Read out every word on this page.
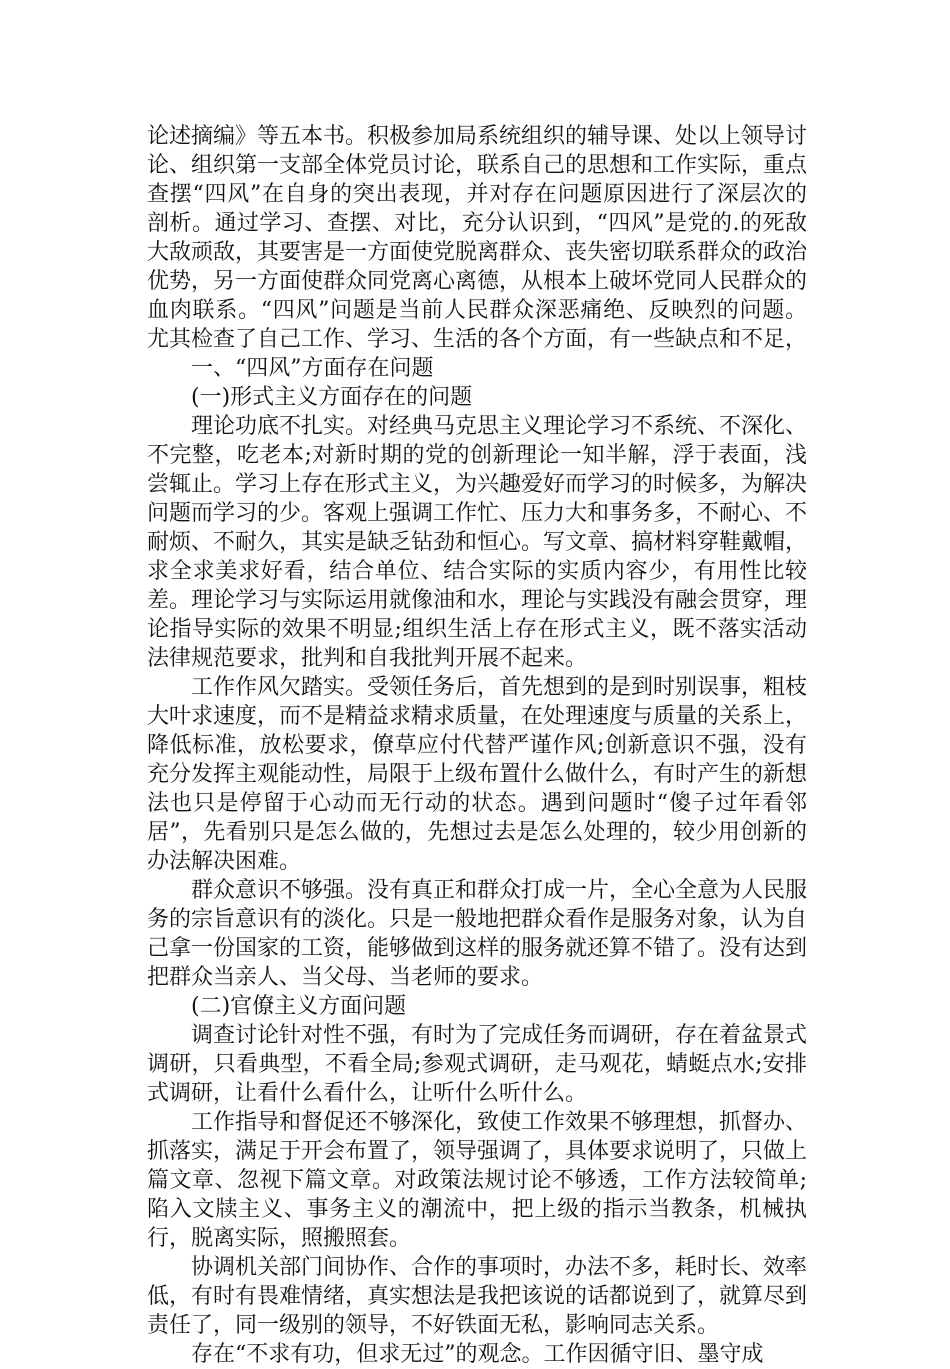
论述摘编》等五本书。积极参加局系统组织的辅导课、处以上领导讨论、组织第一支部全体党员讨论，联系自己的思想和工作实际，重点查摆“四风”在自身的突出表现，并对存在问题原因进行了深层次的剖析。通过学习、查摆、对比，充分认识到，“四风”是党的.的死敌大敌顽敌，其要害是一方面使党脱离群众、丧失密切联系群众的政治优势，另一方面使群众同党离心离德，从根本上破坏党同人民群众的血肉联系。“四风”问题是当前人民群众深恶痛绝、反映烈的问题。尤其检查了自己工作、学习、生活的各个方面，有一些缺点和不足，

一、“四风”方面存在问题

(一)形式主义方面存在的问题

理论功底不扎实。对经典马克思主义理论学习不系统、不深化、不完整，吃老本;对新时期的党的创新理论一知半解，浮于表面，浅尝辄止。学习上存在形式主义，为兴趣爱好而学习的时候多，为解决问题而学习的少。客观上强调工作忙、压力大和事务多，不耐心、不耐烦、不耐久，其实是缺乏钻劲和恒心。写文章、搞材料穿鞋戴帽，求全求美求好看，结合单位、结合实际的实质内容少，有用性比较差。理论学习与实际运用就像油和水，理论与实践没有融会贯穿，理论指导实际的效果不明显;组织生活上存在形式主义，既不落实活动法律规范要求，批判和自我批判开展不起来。

工作作风欠踏实。受领任务后，首先想到的是到时别误事，粗枝大叶求速度，而不是精益求精求质量，在处理速度与质量的关系上，降低标准，放松要求，僚草应付代替严谨作风;创新意识不强，没有充分发挥主观能动性，局限于上级布置什么做什么，有时产生的新想法也只是停留于心动而无行动的状态。遇到问题时“傻子过年看邻居”，先看别只是怎么做的，先想过去是怎么处理的，较少用创新的办法解决困难。

群众意识不够强。没有真正和群众打成一片，全心全意为人民服务的宗旨意识有的淡化。只是一般地把群众看作是服务对象，认为自己拿一份国家的工资，能够做到这样的服务就还算不错了。没有达到把群众当亲人、当父母、当老师的要求。

(二)官僚主义方面问题

调查讨论针对性不强，有时为了完成任务而调研，存在着盆景式调研，只看典型，不看全局;参观式调研，走马观花，蜻蜓点水;安排式调研，让看什么看什么，让听什么听什么。

工作指导和督促还不够深化，致使工作效果不够理想，抓督办、抓落实，满足于开会布置了，领导强调了，具体要求说明了，只做上篇文章、忽视下篇文章。对政策法规讨论不够透，工作方法较简单;陷入文牍主义、事务主义的潮流中，把上级的指示当教条，机械执行，脱离实际，照搬照套。

协调机关部门间协作、合作的事项时，办法不多，耗时长、效率低，有时有畏难情绪，真实想法是我把该说的话都说到了，就算尽到责任了，同一级别的领导，不好铁面无私，影响同志关系。

存在“不求有功，但求无过”的观念。工作因循守旧、墨守成
